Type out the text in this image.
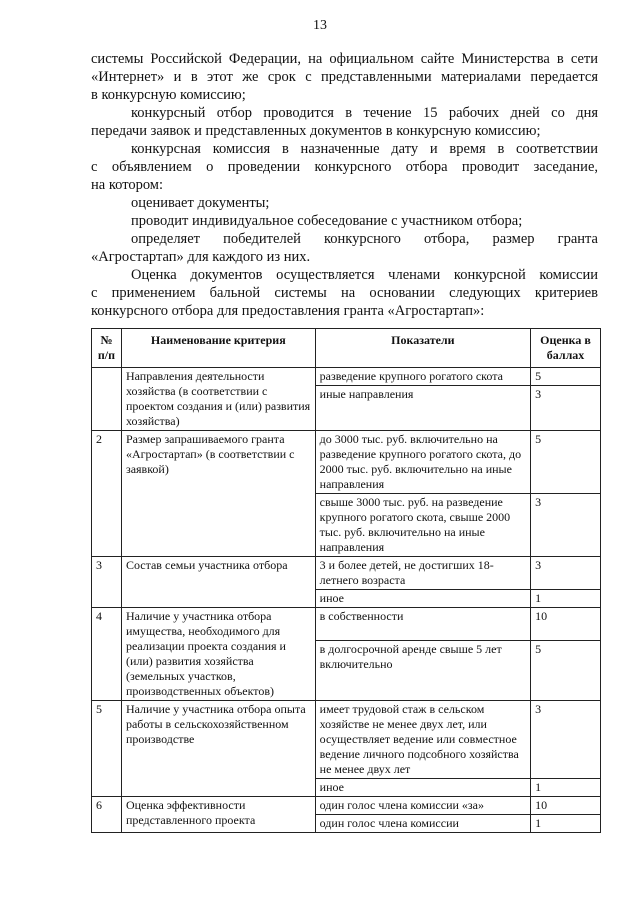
13
системы Российской Федерации, на официальном сайте Министерства в сети
«Интернет» и в этот же срок с представленными материалами передается
в конкурсную комиссию;
конкурсный отбор проводится в течение 15 рабочих дней со дня
передачи заявок и представленных документов в конкурсную комиссию;
конкурсная комиссия в назначенные дату и время в соответствии
с объявлением о проведении конкурсного отбора проводит заседание,
на котором:
оценивает документы;
проводит индивидуальное собеседование с участником отбора;
определяет победителей конкурсного отбора, размер гранта
«Агростартап» для каждого из них.
Оценка документов осуществляется членами конкурсной комиссии
с применением бальной системы на основании следующих критериев
конкурсного отбора для предоставления гранта «Агростартап»:
№ п/п	Наименование критерия	Показатели	Оценка в баллах
	Направления деятельности хозяйства (в соответствии с проектом создания и (или) развития хозяйства)	разведение крупного рогатого скота	5
		иные направления	3
2	Размер запрашиваемого гранта «Агростартап» (в соответствии с заявкой)	до 3000 тыс. руб. включительно на разведение крупного рогатого скота, до 2000 тыс. руб. включительно на иные направления	5
		свыше 3000 тыс. руб. на разведение крупного рогатого скота, свыше 2000 тыс. руб. включительно на иные направления	3
3	Состав семьи участника отбора	3 и более детей, не достигших 18-летнего возраста	3
		иное	1
4	Наличие у участника отбора имущества, необходимого для реализации проекта создания и (или) развития хозяйства (земельных участков, производственных объектов)	в собственности	10
		в долгосрочной аренде свыше 5 лет включительно	5
5	Наличие у участника отбора опыта работы в сельскохозяйственном производстве	имеет трудовой стаж в сельском хозяйстве не менее двух лет, или осуществляет ведение или совместное ведение личного подсобного хозяйства не менее двух лет	3
		иное	1
6	Оценка эффективности представленного проекта	один голос члена комиссии «за»	10
		один голос члена комиссии	1
